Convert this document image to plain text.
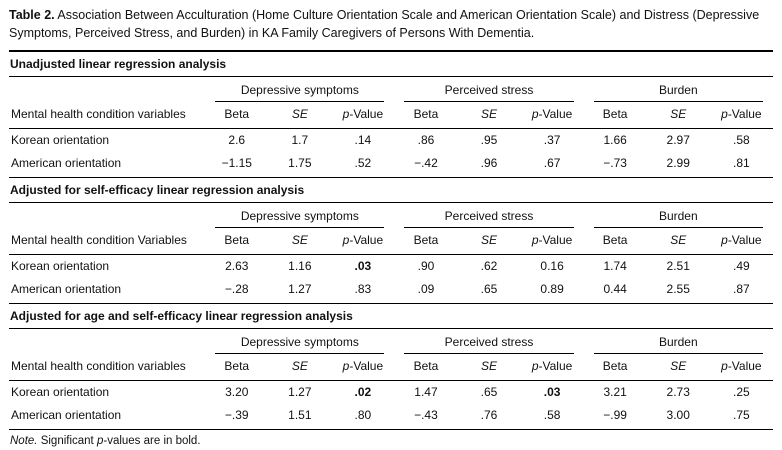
Table 2. Association Between Acculturation (Home Culture Orientation Scale and American Orientation Scale) and Distress (Depressive Symptoms, Perceived Stress, and Burden) in KA Family Caregivers of Persons With Dementia.
Unadjusted linear regression analysis									

	Depressive symptoms			Perceived stress			Burden		

Mental health condition variables	Beta	SE	p-Value	Beta	SE	p-Value	Beta	SE	p-Value
Korean orientation	2.6	1.7	.14	.86	.95	.37	1.66	2.97	.58
American orientation	−1.15	1.75	.52	−.42	.96	.67	−.73	2.99	.81
Adjusted for self-efficacy linear regression analysis									

	Depressive symptoms			Perceived stress			Burden		

Mental health condition Variables	Beta	SE	p-Value	Beta	SE	p-Value	Beta	SE	p-Value
Korean orientation	2.63	1.16	.03	.90	.62	0.16	1.74	2.51	.49
American orientation	−.28	1.27	.83	.09	.65	0.89	0.44	2.55	.87
Adjusted for age and self-efficacy linear regression analysis									

	Depressive symptoms			Perceived stress			Burden		

Mental health condition variables	Beta	SE	p-Value	Beta	SE	p-Value	Beta	SE	p-Value
Korean orientation	3.20	1.27	.02	1.47	.65	.03	3.21	2.73	.25
American orientation	−.39	1.51	.80	−.43	.76	.58	−.99	3.00	.75
Note. Significant p-values are in bold.
